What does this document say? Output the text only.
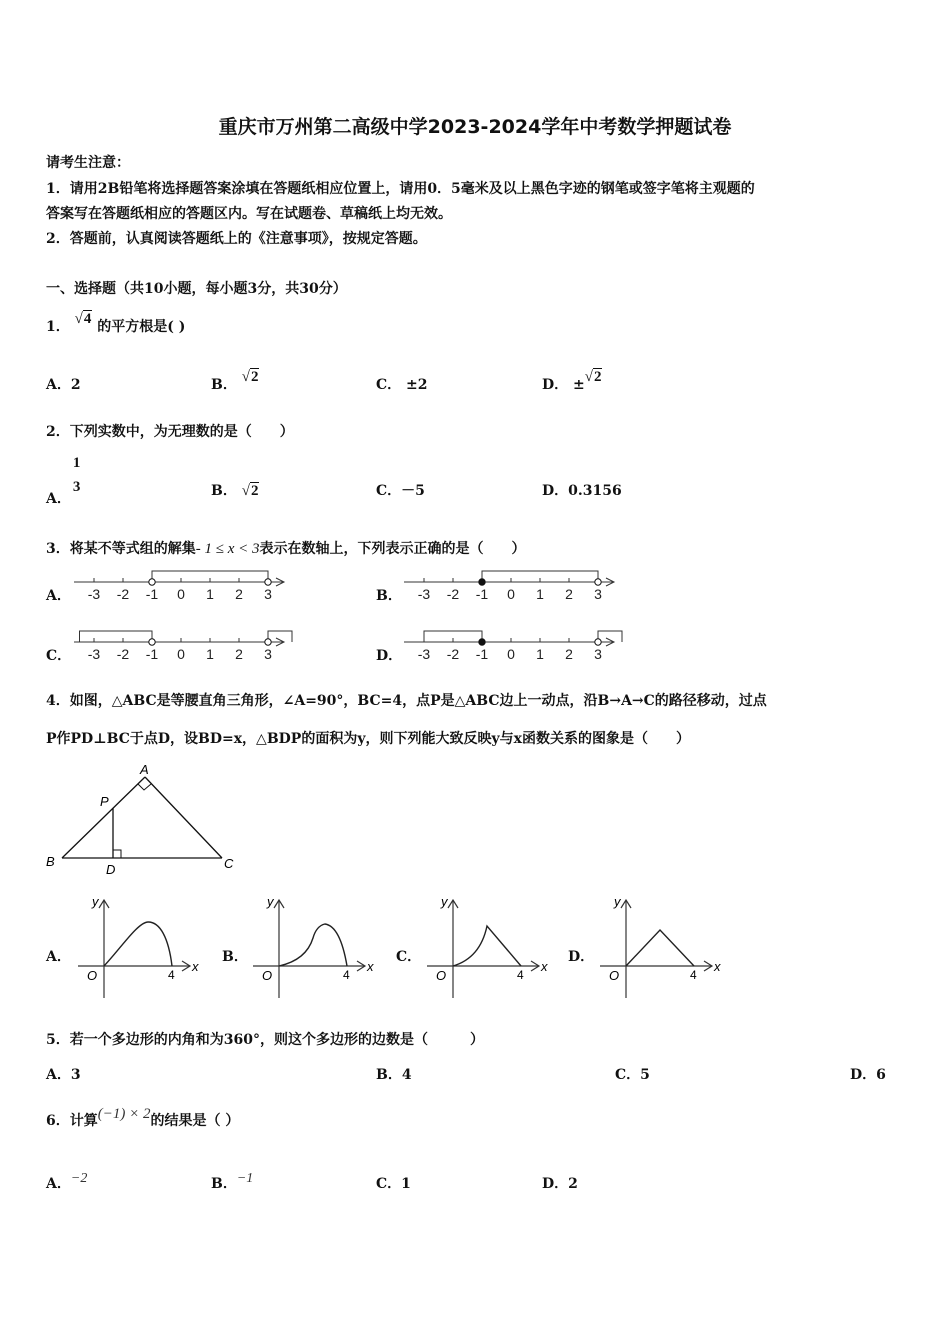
重庆市万州第二高级中学2023-2024学年中考数学押题试卷
请考生注意：
1．请用2B铅笔将选择题答案涂填在答题纸相应位置上，请用0．5毫米及以上黑色字迹的钢笔或签字笔将主观题的
答案写在答题纸相应的答题区内。写在试题卷、草稿纸上均无效。
2．答题前，认真阅读答题纸上的《注意事项》，按规定答题。
一、选择题（共10小题，每小题3分，共30分）
1． √4 的平方根是( )
A．2	B． √2	C． ±2	D． ±√2
2．下列实数中，为无理数的是（　　）
A．
1
3	B． √2	C．－5	D．0.3156
3．将某不等式组的解集- 1 ≤ x < 3表示在数轴上，下列表示正确的是（　　）
A．	B．
C．	D．
-3 -2 -1 0 1 2 3	-3 -2 -1 0 1 2 3
-3 -2 -1 0 1 2 3	-3 -2 -1 0 1 2 3
4．如图，△ABC是等腰直角三角形，∠A=90°，BC=4，点P是△ABC边上一动点，沿B→A→C的路径移动，过点
P作PD⊥BC于点D，设BD=x，△BDP的面积为y，则下列能大致反映y与x函数关系的图象是（　　）
A
B	C
P
D
A．	B．	C．	D．
y
x
O	4
y
x
O	4
y
x
O	4
y
x
O	4
5．若一个多边形的内角和为360°，则这个多边形的边数是（　　　）
A．3	B．4	C．5	D．6
6．计算(−1) × 2的结果是（ ）
A．−2	B．−1	C．1	D．2
